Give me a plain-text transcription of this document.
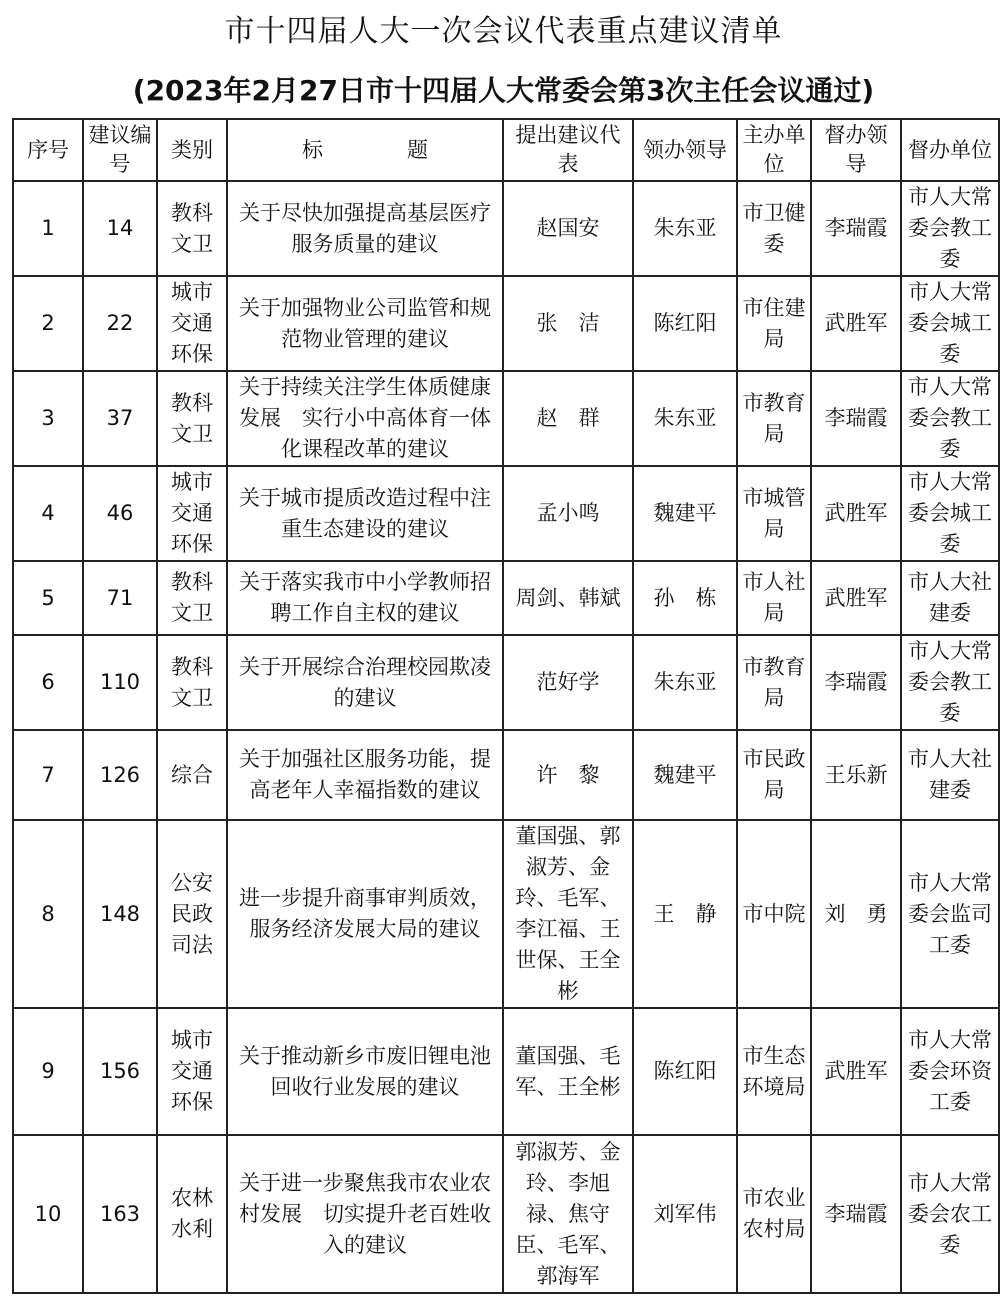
市十四届人大一次会议代表重点建议清单
(2023年2月27日市十四届人大常委会第3次主任会议通过)
序号	建议编号	类别	标　　　　题	提出建议代表	领办领导	主办单位	督办领导	督办单位
1	14	教科文卫	关于尽快加强提高基层医疗服务质量的建议	赵国安	朱东亚	市卫健委	李瑞霞	市人大常委会教工委
2	22	城市交通环保	关于加强物业公司监管和规范物业管理的建议	张　洁	陈红阳	市住建局	武胜军	市人大常委会城工委
3	37	教科文卫	关于持续关注学生体质健康发展　实行小中高体育一体化课程改革的建议	赵　群	朱东亚	市教育局	李瑞霞	市人大常委会教工委
4	46	城市交通环保	关于城市提质改造过程中注重生态建设的建议	孟小鸣	魏建平	市城管局	武胜军	市人大常委会城工委
5	71	教科文卫	关于落实我市中小学教师招聘工作自主权的建议	周剑、韩斌	孙　栋	市人社局	武胜军	市人大社建委
6	110	教科文卫	关于开展综合治理校园欺凌的建议	范好学	朱东亚	市教育局	李瑞霞	市人大常委会教工委
7	126	综合	关于加强社区服务功能，提高老年人幸福指数的建议	许　黎	魏建平	市民政局	王乐新	市人大社建委
8	148	公安民政司法	进一步提升商事审判质效，服务经济发展大局的建议	董国强、郭淑芳、金玲、毛军、李江福、王世保、王全彬	王　静	市中院	刘　勇	市人大常委会监司工委
9	156	城市交通环保	关于推动新乡市废旧锂电池回收行业发展的建议	董国强、毛军、王全彬	陈红阳	市生态环境局	武胜军	市人大常委会环资工委
10	163	农林水利	关于进一步聚焦我市农业农村发展　切实提升老百姓收入的建议	郭淑芳、金玲、李旭禄、焦守臣、毛军、郭海军	刘军伟	市农业农村局	李瑞霞	市人大常委会农工委
